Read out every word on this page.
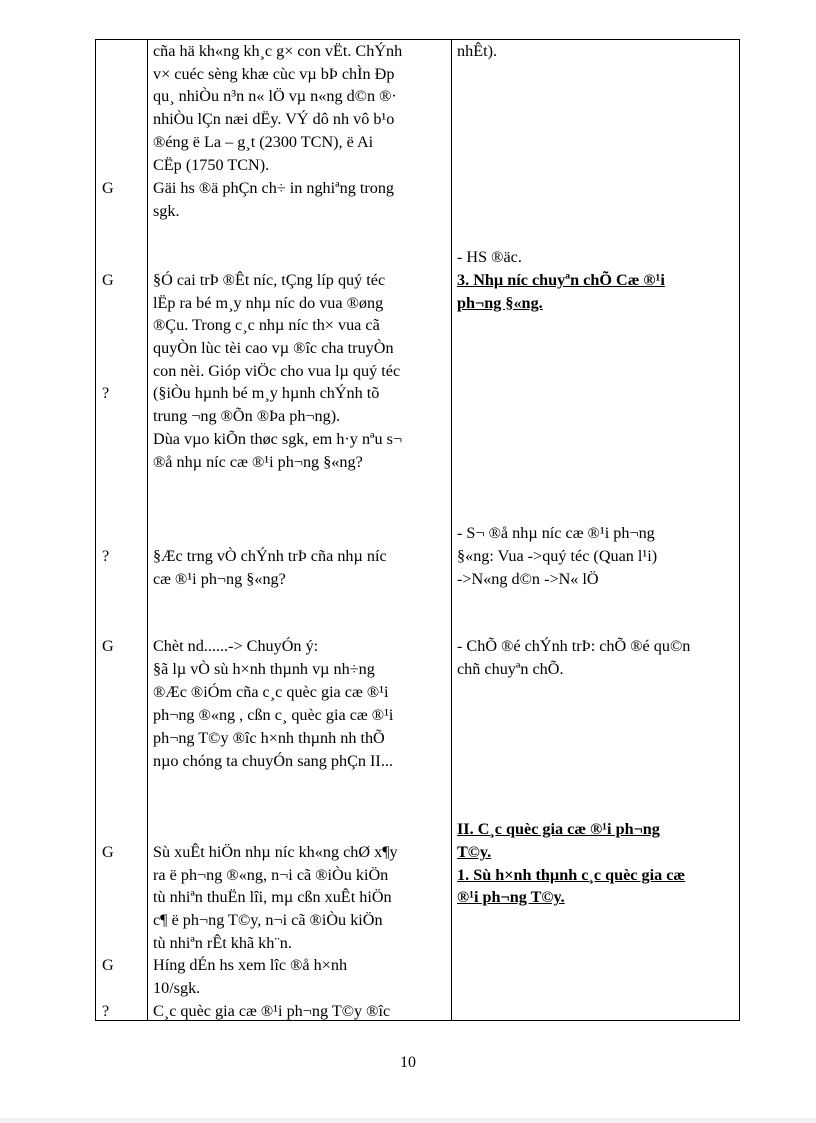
G
G
?
?
G
G
G
?
cña hä kh«ng kh¸c g× con vËt. ChÝnh
v× cuéc sèng khæ cùc vµ bÞ chÌn Ðp
qu¸ nhiÒu n³n n« lÖ vµ n«ng d©n ®·
nhiÒu lÇn næi dËy. VÝ dô nh vô b¹o
®éng ë La – g¸t (2300 TCN), ë Ai
CËp (1750 TCN).
Gäi hs ®ä phÇn ch÷ in nghiªng trong
sgk.
§Ó cai trÞ ®Êt níc, tÇng líp quý téc
lËp ra bé m¸y nhµ níc do vua ®øng
®Çu. Trong c¸c nhµ níc th× vua cã
quyÒn lùc tèi cao vµ ®îc cha truyÒn
con nèi. Gióp viÖc cho vua lµ quý téc
(§iÒu hµnh bé m¸y hµnh chÝnh tõ
trung ¬ng ®Õn ®Þa ph¬ng).
Dùa vµo kiÕn thøc sgk, em h·y nªu s¬
®å nhµ níc cæ ®¹i ph¬ng §«ng?
§Æc trng vÒ chÝnh trÞ cña nhµ níc
cæ ®¹i ph¬ng §«ng?
Chèt nd......-> ChuyÓn ý:
§ã lµ vÒ sù h×nh thµnh vµ nh÷ng
®Æc ®iÓm cña c¸c quèc gia cæ ®¹i
ph¬ng ®«ng , cßn c¸ quèc gia cæ ®¹i
ph¬ng T©y ®îc h×nh thµnh nh thÕ
nµo chóng ta chuyÓn sang phÇn II...
Sù xuÊt hiÖn nhµ níc kh«ng chØ x¶y
ra ë ph¬ng ®«ng, n¬i cã ®iÒu kiÖn
tù nhiªn thuËn lîi, mµ cßn xuÊt hiÖn
c¶ ë ph¬ng T©y, n¬i cã ®iÒu kiÖn
tù nhiªn rÊt khã kh¨n.
Híng dÉn hs xem lîc ®å h×nh
10/sgk.
C¸c quèc gia cæ ®¹i ph¬ng T©y ®îc
nhÊt).
- HS ®äc.
3. Nhµ níc chuyªn chÕ Cæ ®¹i
ph¬ng §«ng.
- S¬ ®å nhµ níc cæ ®¹i ph¬ng
§«ng: Vua ->quý téc (Quan l¹i)
->N«ng d©n ->N« lÖ
- ChÕ ®é chÝnh trÞ: chÕ ®é qu©n
chñ chuyªn chÕ.
II. C¸c quèc gia cæ ®¹i ph¬ng
T©y.
1. Sù h×nh thµnh c¸c quèc gia cæ
®¹i ph¬ng T©y.
10
